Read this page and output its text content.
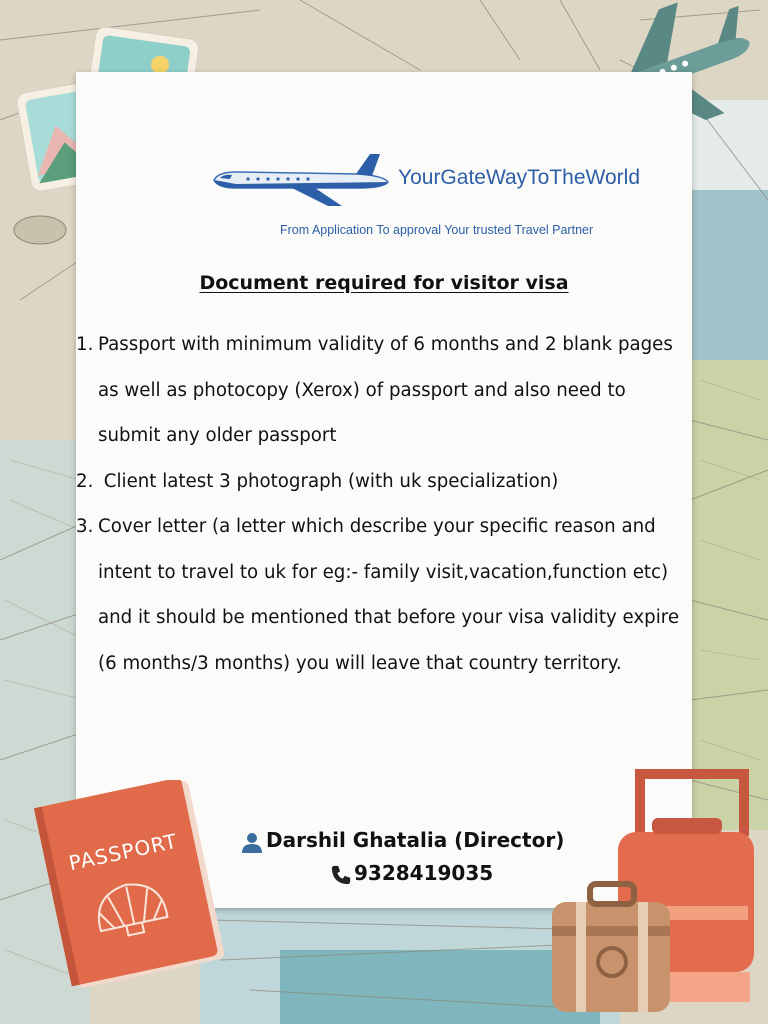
YourGateWayToTheWorld
From Application To approval Your trusted Travel Partner
Document required for visitor visa
1. Passport with minimum validity of 6 months and 2 blank pages as well as photocopy (Xerox) of passport and also need to submit any older passport
2. Client latest 3 photograph (with uk specialization)
3. Cover letter (a letter which describe your specific reason and intent to travel to uk for eg:- family visit,vacation,function etc) and it should be mentioned that before your visa validity expire (6 months/3 months) you will leave that country territory.
Darshil Ghatalia (Director)
9328419035
PASSPORT
